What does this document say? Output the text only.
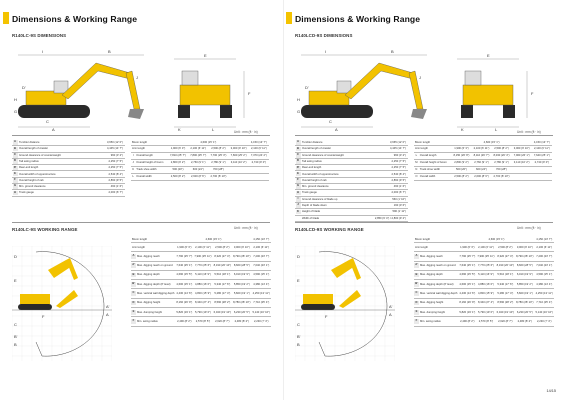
Dimensions & Working Range
R140LC-9S DIMENSIONS
G
H
D'
C
A
B
F
E
I
J
K	L	Unit : mm (ft · in)
A	Tumbler distance	3,650 (12' 0")
B	Overall length of crawler	4,445 (14' 7")
C	Ground clearance of counterweight	960 (3' 2")
D	Tail swing radius	2,250 (7' 5")
D'	Rear-end length	2,250 (7' 5")
E	Overall width of upperstructure	2,540 (8' 4")
F	Overall height of cab	2,860 (9' 5")
G	Min. ground clearance	460 (1' 6")
H	Track gauge	2,000 (6' 7")
Boom length		4,600 (15' 1")				4,150 (13' 7")
Arm length		1,900 (6' 3")	2,100 (6' 11")	2,500 (8' 2")	3,000 (9' 10")	2,100 (6' 11")
I	Overall length	7,810 (25' 7")	7,800 (25' 7")	7,700 (25' 3")	7,660 (25' 2")	7,370 (24' 2")
J	Overall height of boom	2,800 (9' 2")	2,760 (9' 1")	2,780 (9' 1")	3,110 (10' 2")	2,740 (9' 0")
K	Track shoe width	500 (20")	600 (24")	700 (28")		
L	Overall width	2,500 (8' 2")	2,600 (8' 6")	2,700 (8' 10")		
R140LC-9S WORKING RANGE	Unit : mm (ft · in)
A
A'
D
E
B
B'
C
F
Boom length		4,600 (15' 1")				4,150 (13' 7")
Arm length		1,900 (6' 3")	2,100 (6' 11")	2,500 (8' 2")	3,000 (9' 10")	2,100 (6' 11")
A	Max. digging reach	7,790 (25' 7")	7,900 (25' 11")	8,320 (27' 4")	8,790 (28' 10")	7,200 (23' 7")
A'	Max. digging reach on ground	7,640 (25' 1")	7,770 (25' 6")	8,190 (26' 10")	8,660 (28' 5")	7,040 (23' 1")
B	Max. digging depth	4,690 (15' 5")	5,110 (16' 9")	5,510 (18' 1")	6,010 (19' 9")	4,590 (15' 1")
B'	Max. digging depth (8' level)	4,600 (15' 1")	4,880 (16' 0")	5,340 (17' 6")	5,850 (19' 2")	4,380 (14' 4")
C	Max. vertical wall digging depth	4,430 (14' 6")	4,800 (15' 9")	5,280 (17' 4")	5,820 (19' 1")	4,250 (13' 11")
D	Max. digging height	8,160 (26' 9")	8,340 (27' 4")	8,590 (28' 2")	8,780 (28' 10")	7,710 (25' 4")
E	Max. dumping height	5,820 (19' 1")	5,790 (19' 0")	6,040 (19' 10")	6,230 (20' 5")	5,140 (16' 10")
F	Min. swing radius	2,490 (8' 2")	2,570 (8' 5")	2,620 (8' 7")	2,480 (8' 2")	2,230 (7' 4")
Dimensions & Working Range
R140LCD-9S DIMENSIONS
G
H
D'
C
A
B
F
E
I
J
K	L	Unit : mm (ft · in)
A	Tumbler distance	3,665 (12' 0")
B	Overall length of crawler	4,445 (14' 7")
C	Ground clearance of counterweight	960 (3' 2")
D	Tail swing radius	2,250 (7' 5")
D'	Rear-end length	2,250 (7' 5")
E	Overall width of upperstructure	2,540 (8' 4")
F	Overall height of cab	2,860 (9' 5")
G	Min. ground clearance	460 (1' 6")
H	Track gauge	2,000 (6' 7")
I	Ground clearance of blade up	560 (1' 10")
J	Depth of blade down	160 (0' 6")
K	Height of blade	590 (1' 11")
	Width of blade	2,850 (9' 4") / 2,800 (9' 2")
Boom length		4,600 (15' 1")				4,150 (13' 7")
Arm length		1,900 (6' 3")	2,100 (6' 11")	2,500 (8' 2")	3,000 (9' 10")	2,100 (6' 11")
L	Overall length	8,150 (26' 9")	8,110 (26' 7")	8,030 (26' 4")	7,960 (26' 1")	7,640 (25' 1")
M	Overall height of boom	2,800 (9' 2")	2,760 (9' 1")	2,780 (9' 1")	3,110 (10' 2")	2,740 (9' 0")
N	Track shoe width	500 (20")	600 (24")	700 (28")		
O	Overall width	2,500 (8' 2")	2,600 (8' 6")	2,700 (8' 10")		
R140LCD-9S WORKING RANGE	Unit : mm (ft · in)
A
A'
D
E
B
B'
C
F
Boom length		4,600 (15' 1")				4,150 (13' 7")
Arm length		1,900 (6' 3")	2,100 (6' 11")	2,500 (8' 2")	3,000 (9' 10")	2,100 (6' 11")
A	Max. digging reach	7,790 (25' 7")	7,900 (25' 11")	8,320 (27' 4")	8,790 (28' 10")	7,200 (23' 7")
A'	Max. digging reach on ground	7,640 (25' 1")	7,770 (25' 6")	8,190 (26' 10")	8,660 (28' 5")	7,040 (23' 1")
B	Max. digging depth	4,690 (15' 5")	5,110 (16' 9")	5,510 (18' 1")	6,010 (19' 9")	4,590 (15' 1")
B'	Max. digging depth (8' level)	4,600 (15' 1")	4,880 (16' 0")	5,340 (17' 6")	5,850 (19' 2")	4,380 (14' 4")
C	Max. vertical wall digging depth	4,430 (14' 6")	4,800 (15' 9")	5,280 (17' 4")	5,820 (19' 1")	4,250 (13' 11")
D	Max. digging height	8,160 (26' 9")	8,340 (27' 4")	8,590 (28' 2")	8,780 (28' 10")	7,710 (25' 4")
E	Max. dumping height	5,820 (19' 1")	5,790 (19' 0")	6,040 (19' 10")	6,230 (20' 5")	5,140 (16' 10")
F	Min. swing radius	2,490 (8' 2")	2,570 (8' 5")	2,620 (8' 7")	2,480 (8' 2")	2,230 (7' 4")
14/15
